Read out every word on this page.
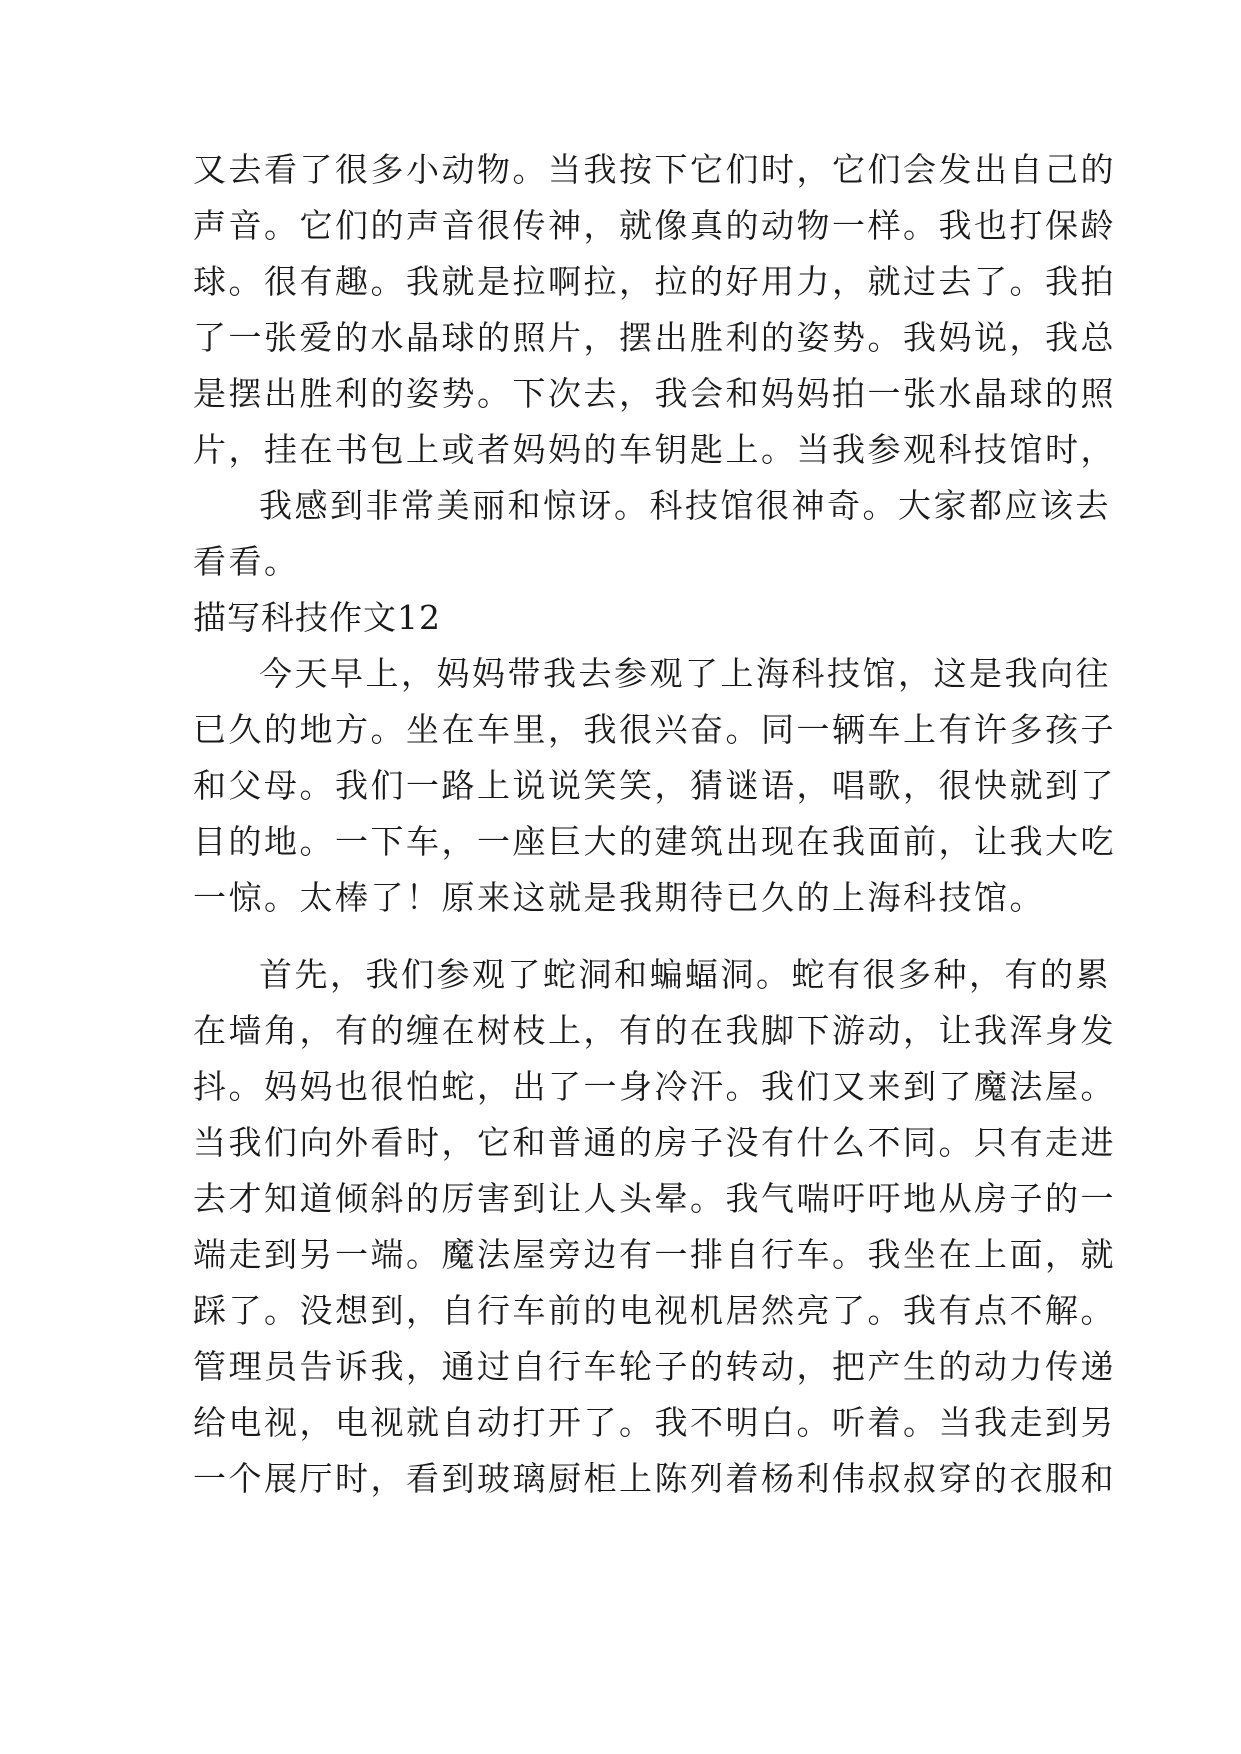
又去看了很多小动物。当我按下它们时，它们会发出自己的
声音。它们的声音很传神，就像真的动物一样。我也打保龄
球。很有趣。我就是拉啊拉，拉的好用力，就过去了。我拍
了一张爱的水晶球的照片，摆出胜利的姿势。我妈说，我总
是摆出胜利的姿势。下次去，我会和妈妈拍一张水晶球的照
片，挂在书包上或者妈妈的车钥匙上。当我参观科技馆时，
我感到非常美丽和惊讶。科技馆很神奇。大家都应该去
看看。
描写科技作文12
今天早上，妈妈带我去参观了上海科技馆，这是我向往
已久的地方。坐在车里，我很兴奋。同一辆车上有许多孩子
和父母。我们一路上说说笑笑，猜谜语，唱歌，很快就到了
目的地。一下车，一座巨大的建筑出现在我面前，让我大吃
一惊。太棒了！原来这就是我期待已久的上海科技馆。
首先，我们参观了蛇洞和蝙蝠洞。蛇有很多种，有的累
在墙角，有的缠在树枝上，有的在我脚下游动，让我浑身发
抖。妈妈也很怕蛇，出了一身冷汗。我们又来到了魔法屋。
当我们向外看时，它和普通的房子没有什么不同。只有走进
去才知道倾斜的厉害到让人头晕。我气喘吁吁地从房子的一
端走到另一端。魔法屋旁边有一排自行车。我坐在上面，就
踩了。没想到，自行车前的电视机居然亮了。我有点不解。
管理员告诉我，通过自行车轮子的转动，把产生的动力传递
给电视，电视就自动打开了。我不明白。听着。当我走到另
一个展厅时，看到玻璃厨柜上陈列着杨利伟叔叔穿的衣服和
